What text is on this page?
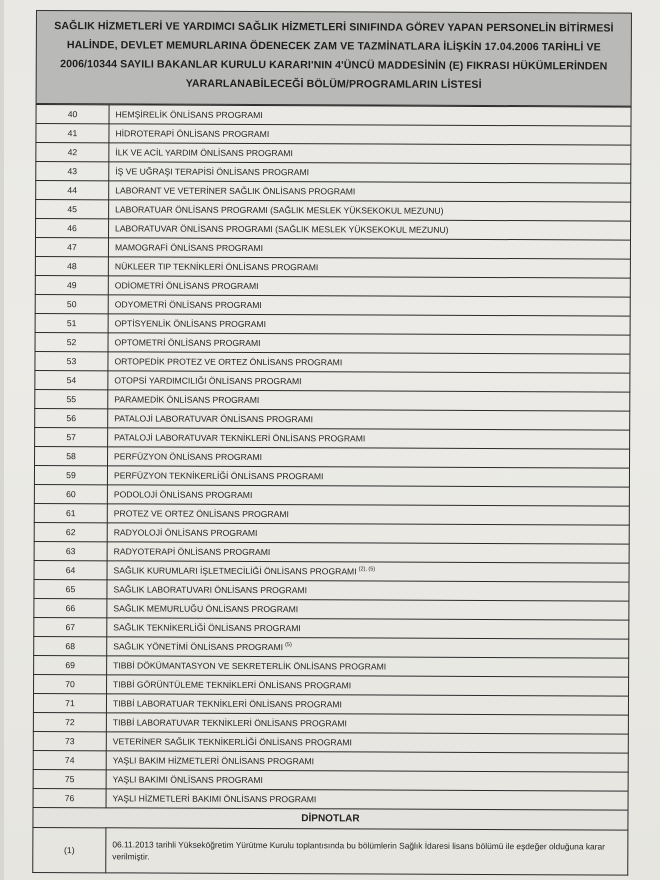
SAĞLIK HİZMETLERİ VE YARDIMCI SAĞLIK HİZMETLERİ SINIFINDA GÖREV YAPAN PERSONELİN BİTİRMESİ
HALİNDE, DEVLET MEMURLARINA ÖDENECEK ZAM VE TAZMİNATLARA İLİŞKİN 17.04.2006 TARİHLİ VE
2006/10344 SAYILI BAKANLAR KURULU KARARI'NIN 4'ÜNCÜ MADDESİNİN (E) FIKRASI HÜKÜMLERİNDEN
YARARLANABİLECEĞİ BÖLÜM/PROGRAMLARIN LİSTESİ
40	HEMŞİRELİK ÖNLİSANS PROGRAMI
41	HİDROTERAPİ ÖNLİSANS PROGRAMI
42	İLK VE ACİL YARDIM ÖNLİSANS PROGRAMI
43	İŞ VE UĞRAŞI TERAPİSİ ÖNLİSANS PROGRAMI
44	LABORANT VE VETERİNER SAĞLIK ÖNLİSANS PROGRAMI
45	LABORATUAR ÖNLİSANS PROGRAMI (SAĞLIK MESLEK YÜKSEKOKUL MEZUNU)
46	LABORATUVAR ÖNLİSANS PROGRAMI (SAĞLIK MESLEK YÜKSEKOKUL MEZUNU)
47	MAMOGRAFİ ÖNLİSANS PROGRAMI
48	NÜKLEER TIP TEKNİKLERİ ÖNLİSANS PROGRAMI
49	ODİOMETRİ ÖNLİSANS PROGRAMI
50	ODYOMETRİ ÖNLİSANS PROGRAMI
51	OPTİSYENLİK ÖNLİSANS PROGRAMI
52	OPTOMETRİ ÖNLİSANS PROGRAMI
53	ORTOPEDİK PROTEZ VE ORTEZ ÖNLİSANS PROGRAMI
54	OTOPSİ YARDIMCILIĞI ÖNLİSANS PROGRAMI
55	PARAMEDİK ÖNLİSANS PROGRAMI
56	PATALOJİ LABORATUVAR ÖNLİSANS PROGRAMI
57	PATALOJİ LABORATUVAR TEKNİKLERİ ÖNLİSANS PROGRAMI
58	PERFÜZYON ÖNLİSANS PROGRAMI
59	PERFÜZYON TEKNİKERLİĞİ ÖNLİSANS PROGRAMI
60	PODOLOJİ ÖNLİSANS PROGRAMI
61	PROTEZ VE ORTEZ ÖNLİSANS PROGRAMI
62	RADYOLOJİ ÖNLİSANS PROGRAMI
63	RADYOTERAPİ ÖNLİSANS PROGRAMI
64	SAĞLIK KURUMLARI İŞLETMECİLİĞİ ÖNLİSANS PROGRAMI $^{(2), (5)}$
65	SAĞLIK LABORATUVARI ÖNLİSANS PROGRAMI
66	SAĞLIK MEMURLUĞU ÖNLİSANS PROGRAMI
67	SAĞLIK TEKNİKERLİĞİ ÖNLİSANS PROGRAMI
68	SAĞLIK YÖNETİMİ ÖNLİSANS PROGRAMI $^{(5)}$
69	TIBBİ DÖKÜMANTASYON VE SEKRETERLİK ÖNLİSANS PROGRAMI
70	TIBBİ GÖRÜNTÜLEME TEKNİKLERİ ÖNLİSANS PROGRAMI
71	TIBBİ LABORATUAR TEKNİKLERİ ÖNLİSANS PROGRAMI
72	TIBBİ LABORATUVAR TEKNİKLERİ ÖNLİSANS PROGRAMI
73	VETERİNER SAĞLIK TEKNİKERLİĞİ ÖNLİSANS PROGRAMI
74	YAŞLI BAKIM HİZMETLERİ ÖNLİSANS PROGRAMI
75	YAŞLI BAKIMI ÖNLİSANS PROGRAMI
76	YAŞLI HİZMETLERİ BAKIMI ÖNLİSANS PROGRAMI
DİPNOTLAR	
(1)	06.11.2013 tarihli Yükseköğretim Yürütme Kurulu toplantısında bu bölümlerin Sağlık İdaresi lisans bölümü ile eşdeğer olduğuna karar verilmiştir.
